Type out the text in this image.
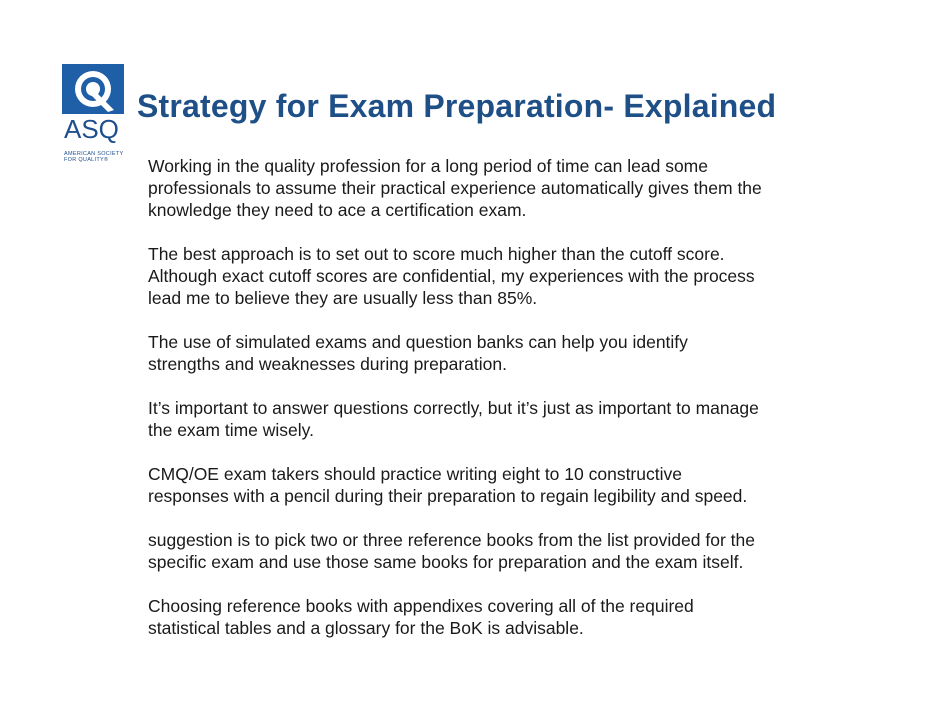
ASQ
AMERICAN SOCIETY
FOR QUALITY®
Strategy for Exam Preparation- Explained

Working in the quality profession for a long period of time can lead some
professionals to assume their practical experience automatically gives them the
knowledge they need to ace a certification exam.

The best approach is to set out to score much higher than the cutoff score.
Although exact cutoff scores are confidential, my experiences with the process
lead me to believe they are usually less than 85%.

The use of simulated exams and question banks can help you identify
strengths and weaknesses during preparation.

It’s important to answer questions correctly, but it’s just as important to manage
the exam time wisely.

CMQ/OE exam takers should practice writing eight to 10 constructive
responses with a pencil during their preparation to regain legibility and speed.

suggestion is to pick two or three reference books from the list provided for the
specific exam and use those same books for preparation and the exam itself.

Choosing reference books with appendixes covering all of the required
statistical tables and a glossary for the BoK is advisable.
